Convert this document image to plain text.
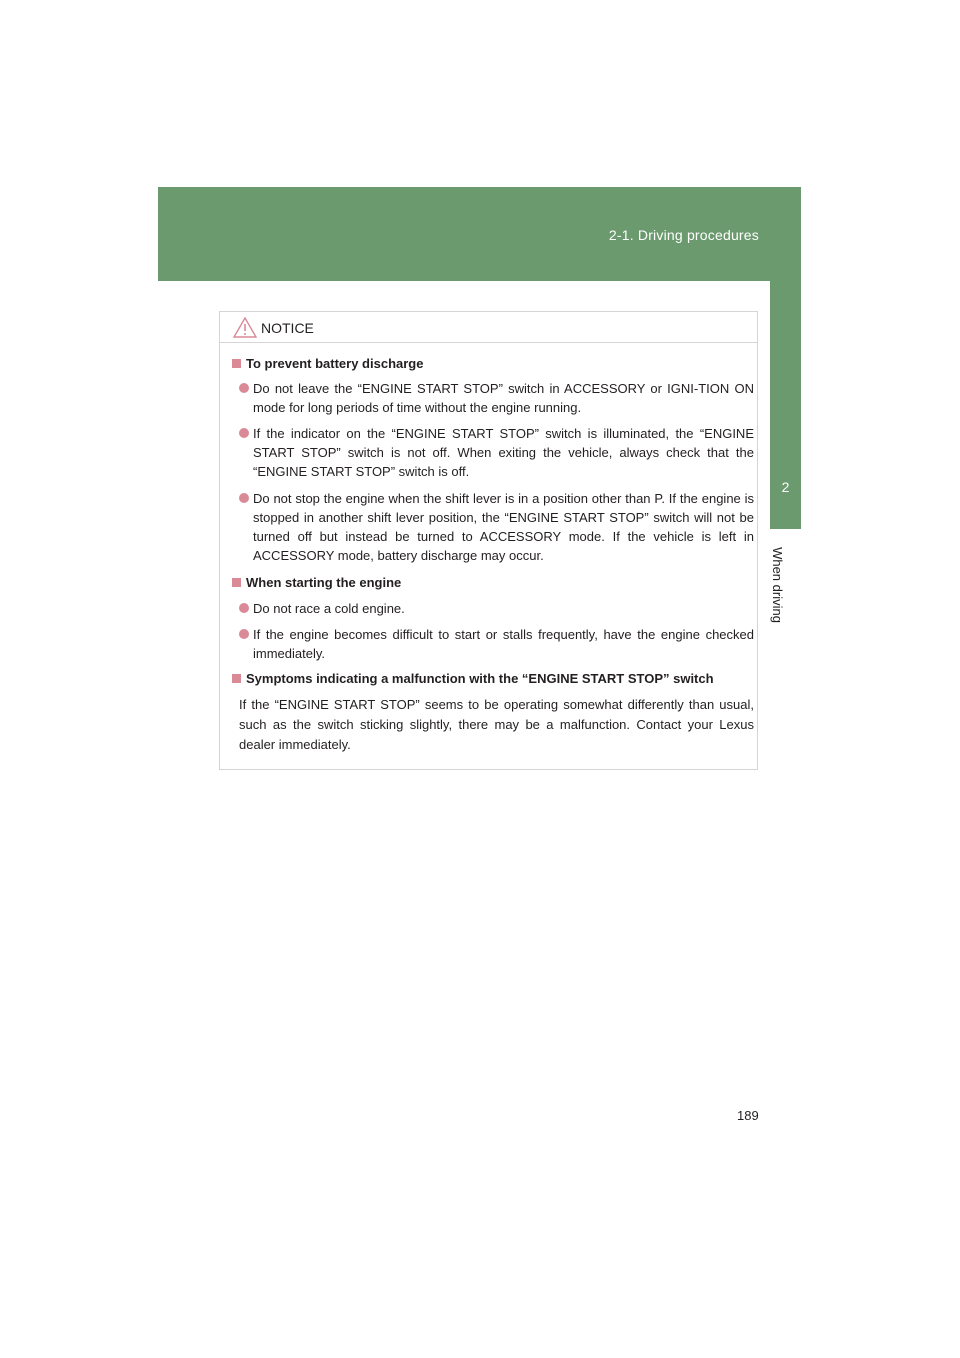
2-1. Driving procedures
2
When driving
NOTICE
To prevent battery discharge
Do not leave the “ENGINE START STOP” switch in ACCESSORY or IGNI-TION ON mode for long periods of time without the engine running.
If the indicator on the “ENGINE START STOP” switch is illuminated, the “ENGINE START STOP” switch is not off. When exiting the vehicle, always check that the “ENGINE START STOP” switch is off.
Do not stop the engine when the shift lever is in a position other than P. If the engine is stopped in another shift lever position, the “ENGINE START STOP” switch will not be turned off but instead be turned to ACCESSORY mode. If the vehicle is left in ACCESSORY mode, battery discharge may occur.
When starting the engine
Do not race a cold engine.
If the engine becomes difficult to start or stalls frequently, have the engine checked immediately.
Symptoms indicating a malfunction with the “ENGINE START STOP” switch
If the “ENGINE START STOP” seems to be operating somewhat differently than usual, such as the switch sticking slightly, there may be a malfunction. Contact your Lexus dealer immediately.
189
